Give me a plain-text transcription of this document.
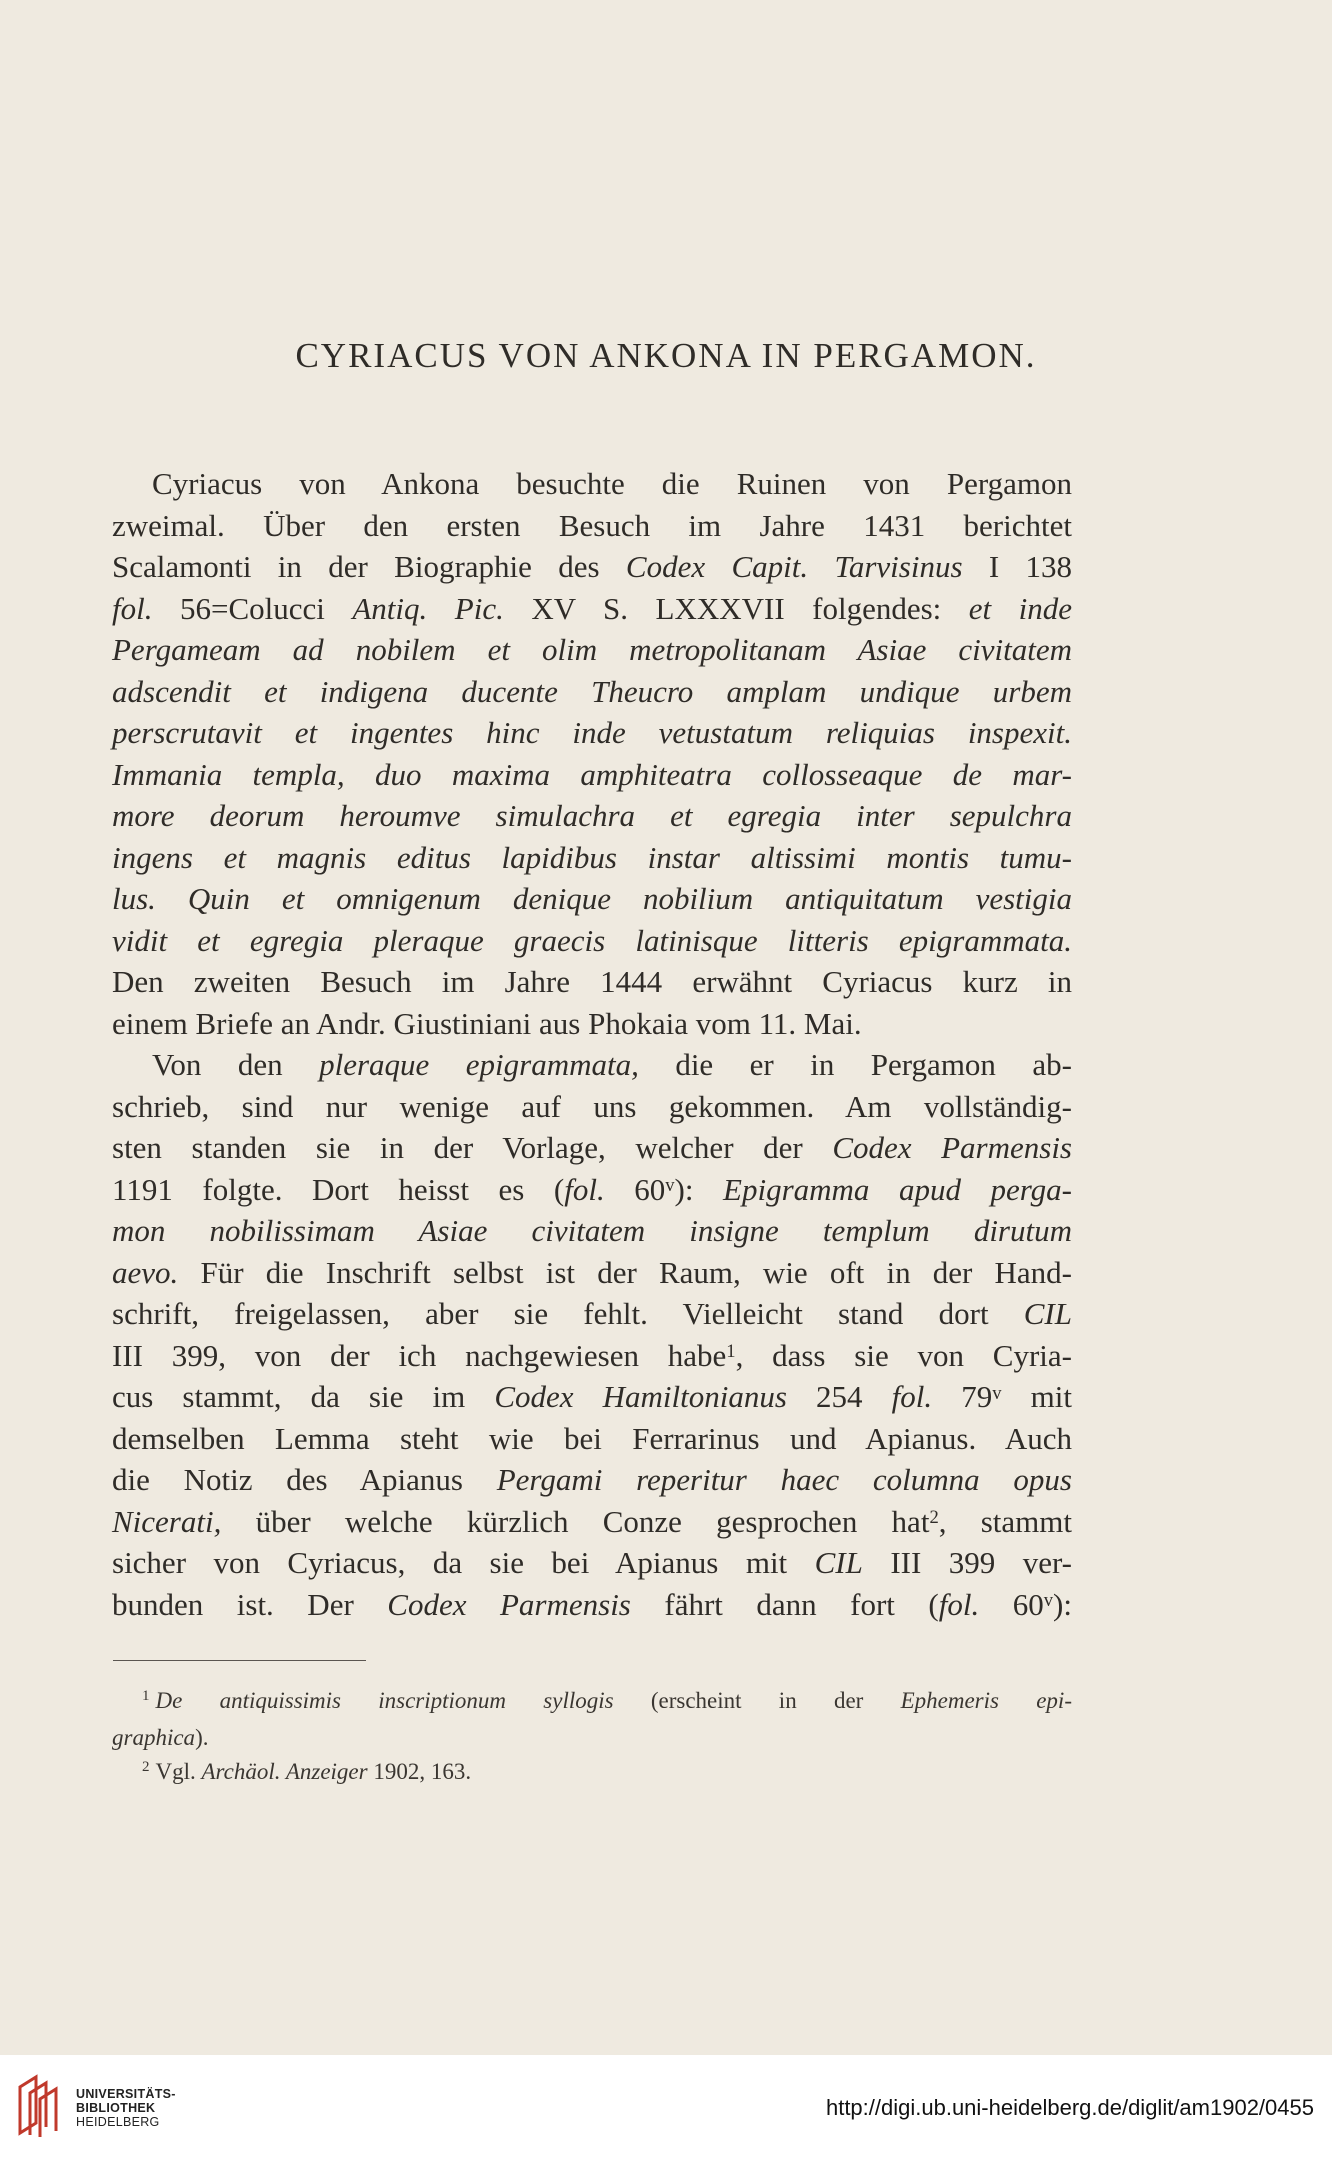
CYRIACUS VON ANKONA IN PERGAMON.
Cyriacus von Ankona besuchte die Ruinen von Pergamon
zweimal. Über den ersten Besuch im Jahre 1431 berichtet
Scalamonti in der Biographie des Codex Capit. Tarvisinus I 138
fol. 56=Colucci Antiq. Pic. XV S. LXXXVII folgendes: et inde
Pergameam ad nobilem et olim metropolitanam Asiae civitatem
adscendit et indigena ducente Theucro amplam undique urbem
perscrutavit et ingentes hinc inde vetustatum reliquias inspexit.
Immania templa, duo maxima amphiteatra collosseaque de mar-
more deorum heroumve simulachra et egregia inter sepulchra
ingens et magnis editus lapidibus instar altissimi montis tumu-
lus. Quin et omnigenum denique nobilium antiquitatum vestigia
vidit et egregia pleraque graecis latinisque litteris epigrammata.
Den zweiten Besuch im Jahre 1444 erwähnt Cyriacus kurz in
einem Briefe an Andr. Giustiniani aus Phokaia vom 11. Mai.
Von den pleraque epigrammata, die er in Pergamon ab-
schrieb, sind nur wenige auf uns gekommen. Am vollständig-
sten standen sie in der Vorlage, welcher der Codex Parmensis
1191 folgte. Dort heisst es (fol. 60$^v$): Epigramma apud perga-
mon nobilissimam Asiae civitatem insigne templum dirutum
aevo. Für die Inschrift selbst ist der Raum, wie oft in der Hand-
schrift, freigelassen, aber sie fehlt. Vielleicht stand dort CIL
III 399, von der ich nachgewiesen habe$^1$, dass sie von Cyria-
cus stammt, da sie im Codex Hamiltonianus 254 fol. 79$^v$ mit
demselben Lemma steht wie bei Ferrarinus und Apianus. Auch
die Notiz des Apianus Pergami reperitur haec columna opus
Nicerati, über welche kürzlich Conze gesprochen hat$^2$, stammt
sicher von Cyriacus, da sie bei Apianus mit CIL III 399 ver-
bunden ist. Der Codex Parmensis fährt dann fort (fol. 60$^v$):
$^1$ De antiquissimis inscriptionum syllogis (erscheint in der Ephemeris epi-
graphica).
$^2$ Vgl. Archäol. Anzeiger 1902, 163.
UNIVERSITÄTS-
BIBLIOTHEK
HEIDELBERG
http://digi.ub.uni-heidelberg.de/diglit/am1902/0455
